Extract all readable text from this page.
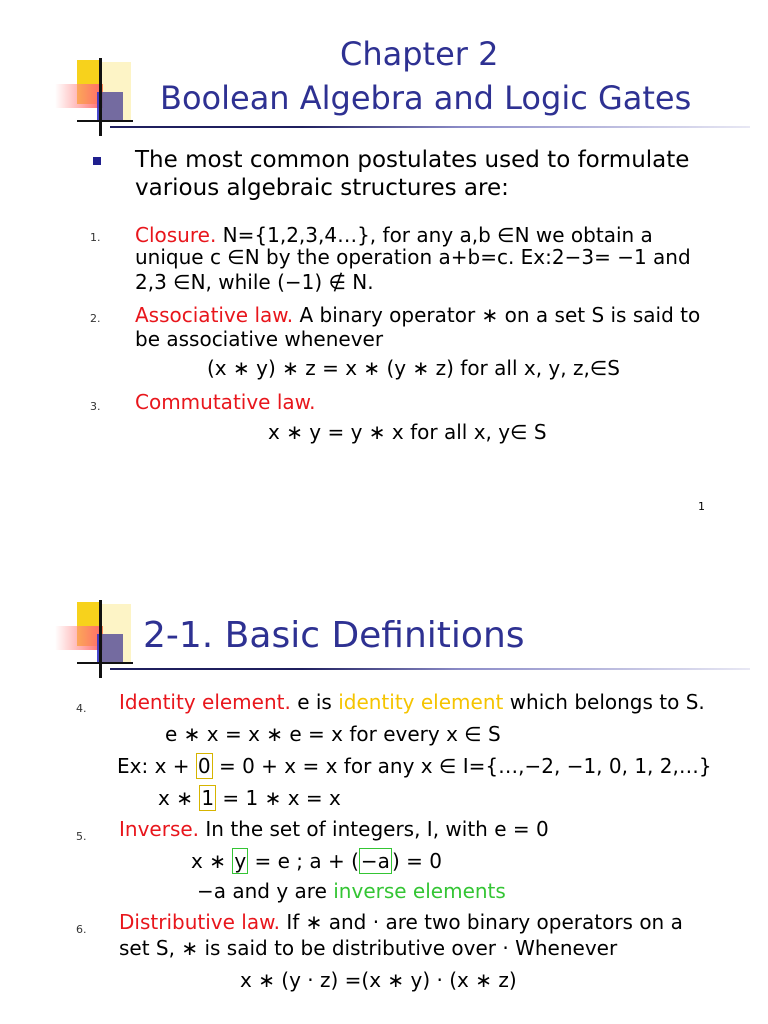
Chapter 2
Boolean Algebra and Logic Gates
The most common postulates used to formulate
various algebraic structures are:
1. Closure. N={1,2,3,4…}, for any a,b ∈N we obtain a
unique c ∈N by the operation a+b=c. Ex:2−3= −1 and
2,3 ∈N, while (−1) ∉ N.
2. Associative law. A binary operator ∗ on a set S is said to
be associative whenever
(x ∗ y) ∗ z = x ∗ (y ∗ z) for all x, y, z,∈S
3. Commutative law.
x ∗ y = y ∗ x for all x, y∈ S
1
2-1. Basic Definitions
4. Identity element. e is identity element which belongs to S.
e ∗ x = x ∗ e = x for every x ∈ S
Ex: x + 0 = 0 + x = x for any x ∈ I={…,−2, −1, 0, 1, 2,…}
x ∗ 1 = 1 ∗ x = x
5. Inverse. In the set of integers, I, with e = 0
x ∗ y = e ; a + ( −a ) = 0
−a and y are inverse elements
6. Distributive law. If ∗ and · are two binary operators on a
set S, ∗ is said to be distributive over · Whenever
x ∗ (y · z) =(x ∗ y) · (x ∗ z)
